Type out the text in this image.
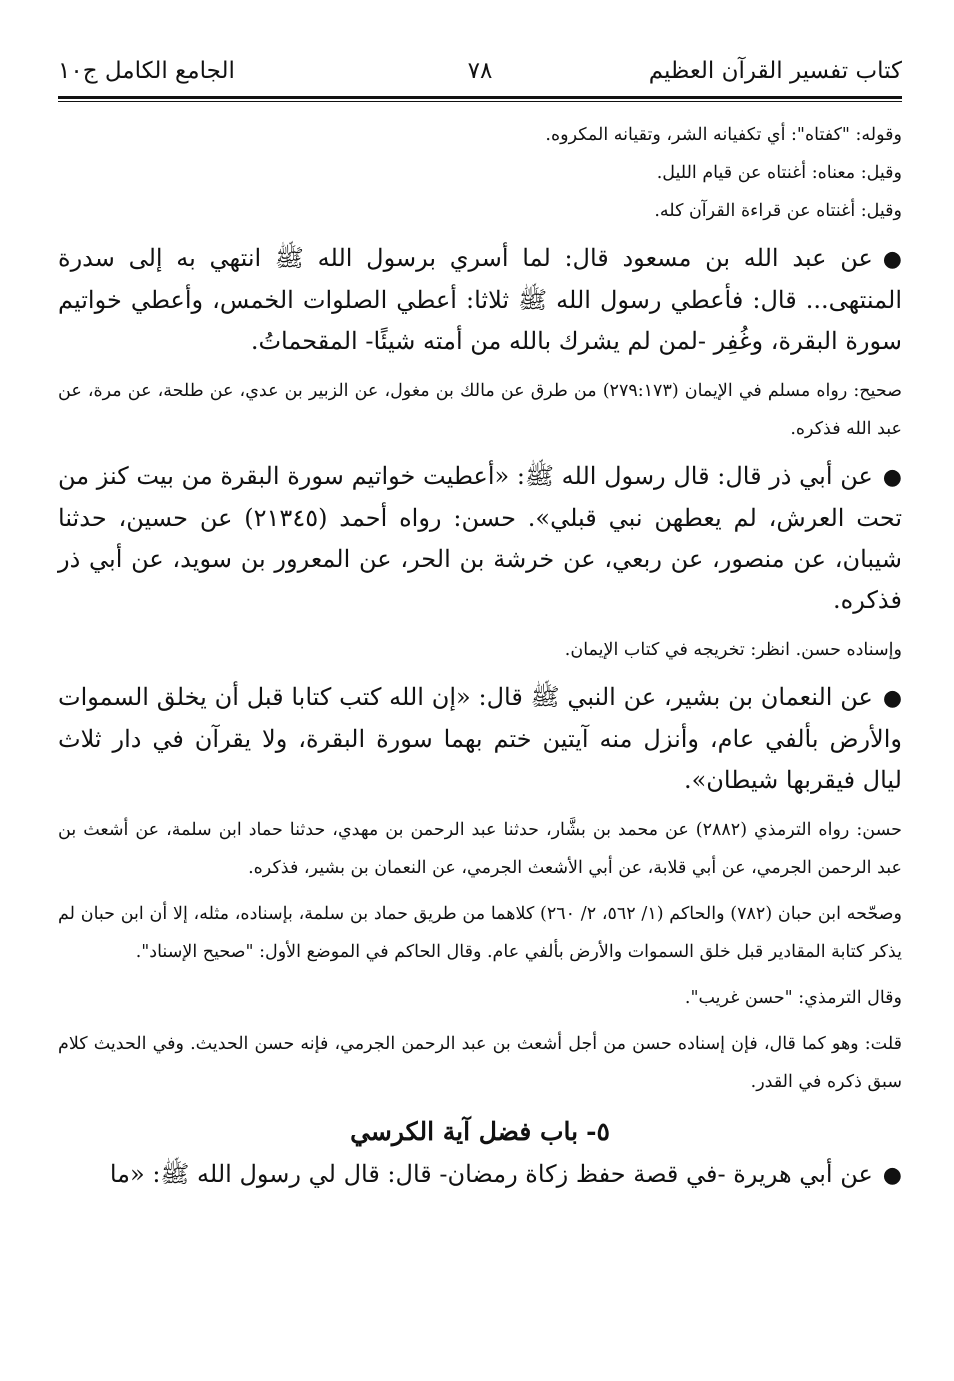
كتاب تفسير القرآن العظيم
٧٨
الجامع الكامل ج١٠

وقوله: "كفتاه": أي تكفيانه الشر، وتقيانه المكروه.

وقيل: معناه: أغنتاه عن قيام الليل.

وقيل: أغنتاه عن قراءة القرآن كله.

●عن عبد الله بن مسعود قال: لما أسري برسول الله ﷺ انتهي به إلى سدرة المنتهى... قال: فأعطي رسول الله ﷺ ثلاثا: أعطي الصلوات الخمس، وأعطي خواتيم سورة البقرة، وغُفِر -لمن لم يشرك بالله من أمته شيئًا- المقحماتُ.

صحيح: رواه مسلم في الإيمان (٢٧٩:١٧٣) من طرق عن مالك بن مغول، عن الزبير بن عدي، عن طلحة، عن مرة، عن عبد الله فذكره.

●عن أبي ذر قال: قال رسول الله ﷺ: «أعطيت خواتيم سورة البقرة من بيت كنز من تحت العرش، لم يعطهن نبي قبلي». حسن: رواه أحمد (٢١٣٤٥) عن حسين، حدثنا شيبان، عن منصور، عن ربعي، عن خرشة بن الحر، عن المعرور بن سويد، عن أبي ذر فذكره.

وإسناده حسن. انظر: تخريجه في كتاب الإيمان.

●عن النعمان بن بشير، عن النبي ﷺ قال: «إن الله كتب كتابا قبل أن يخلق السموات والأرض بألفي عام، وأنزل منه آيتين ختم بهما سورة البقرة، ولا يقرآن في دار ثلاث ليال فيقربها شيطان».

حسن: رواه الترمذي (٢٨٨٢) عن محمد بن بشَّار، حدثنا عبد الرحمن بن مهدي، حدثنا حماد ابن سلمة، عن أشعث بن عبد الرحمن الجرمي، عن أبي قلابة، عن أبي الأشعث الجرمي، عن النعمان بن بشير، فذكره.

وصحّحه ابن حبان (٧٨٢) والحاكم (١/ ٥٦٢، ٢/ ٢٦٠) كلاهما من طريق حماد بن سلمة، بإسناده، مثله، إلا أن ابن حبان لم يذكر كتابة المقادير قبل خلق السموات والأرض بألفي عام. وقال الحاكم في الموضع الأول: "صحيح الإسناد".

وقال الترمذي: "حسن غريب".

قلت: وهو كما قال، فإن إسناده حسن من أجل أشعث بن عبد الرحمن الجرمي، فإنه حسن الحديث. وفي الحديث كلام سبق ذكره في القدر.

٥-باب فضل آية الكرسي

●عن أبي هريرة -في قصة حفظ زكاة رمضان- قال: قال لي رسول الله ﷺ: «ما
